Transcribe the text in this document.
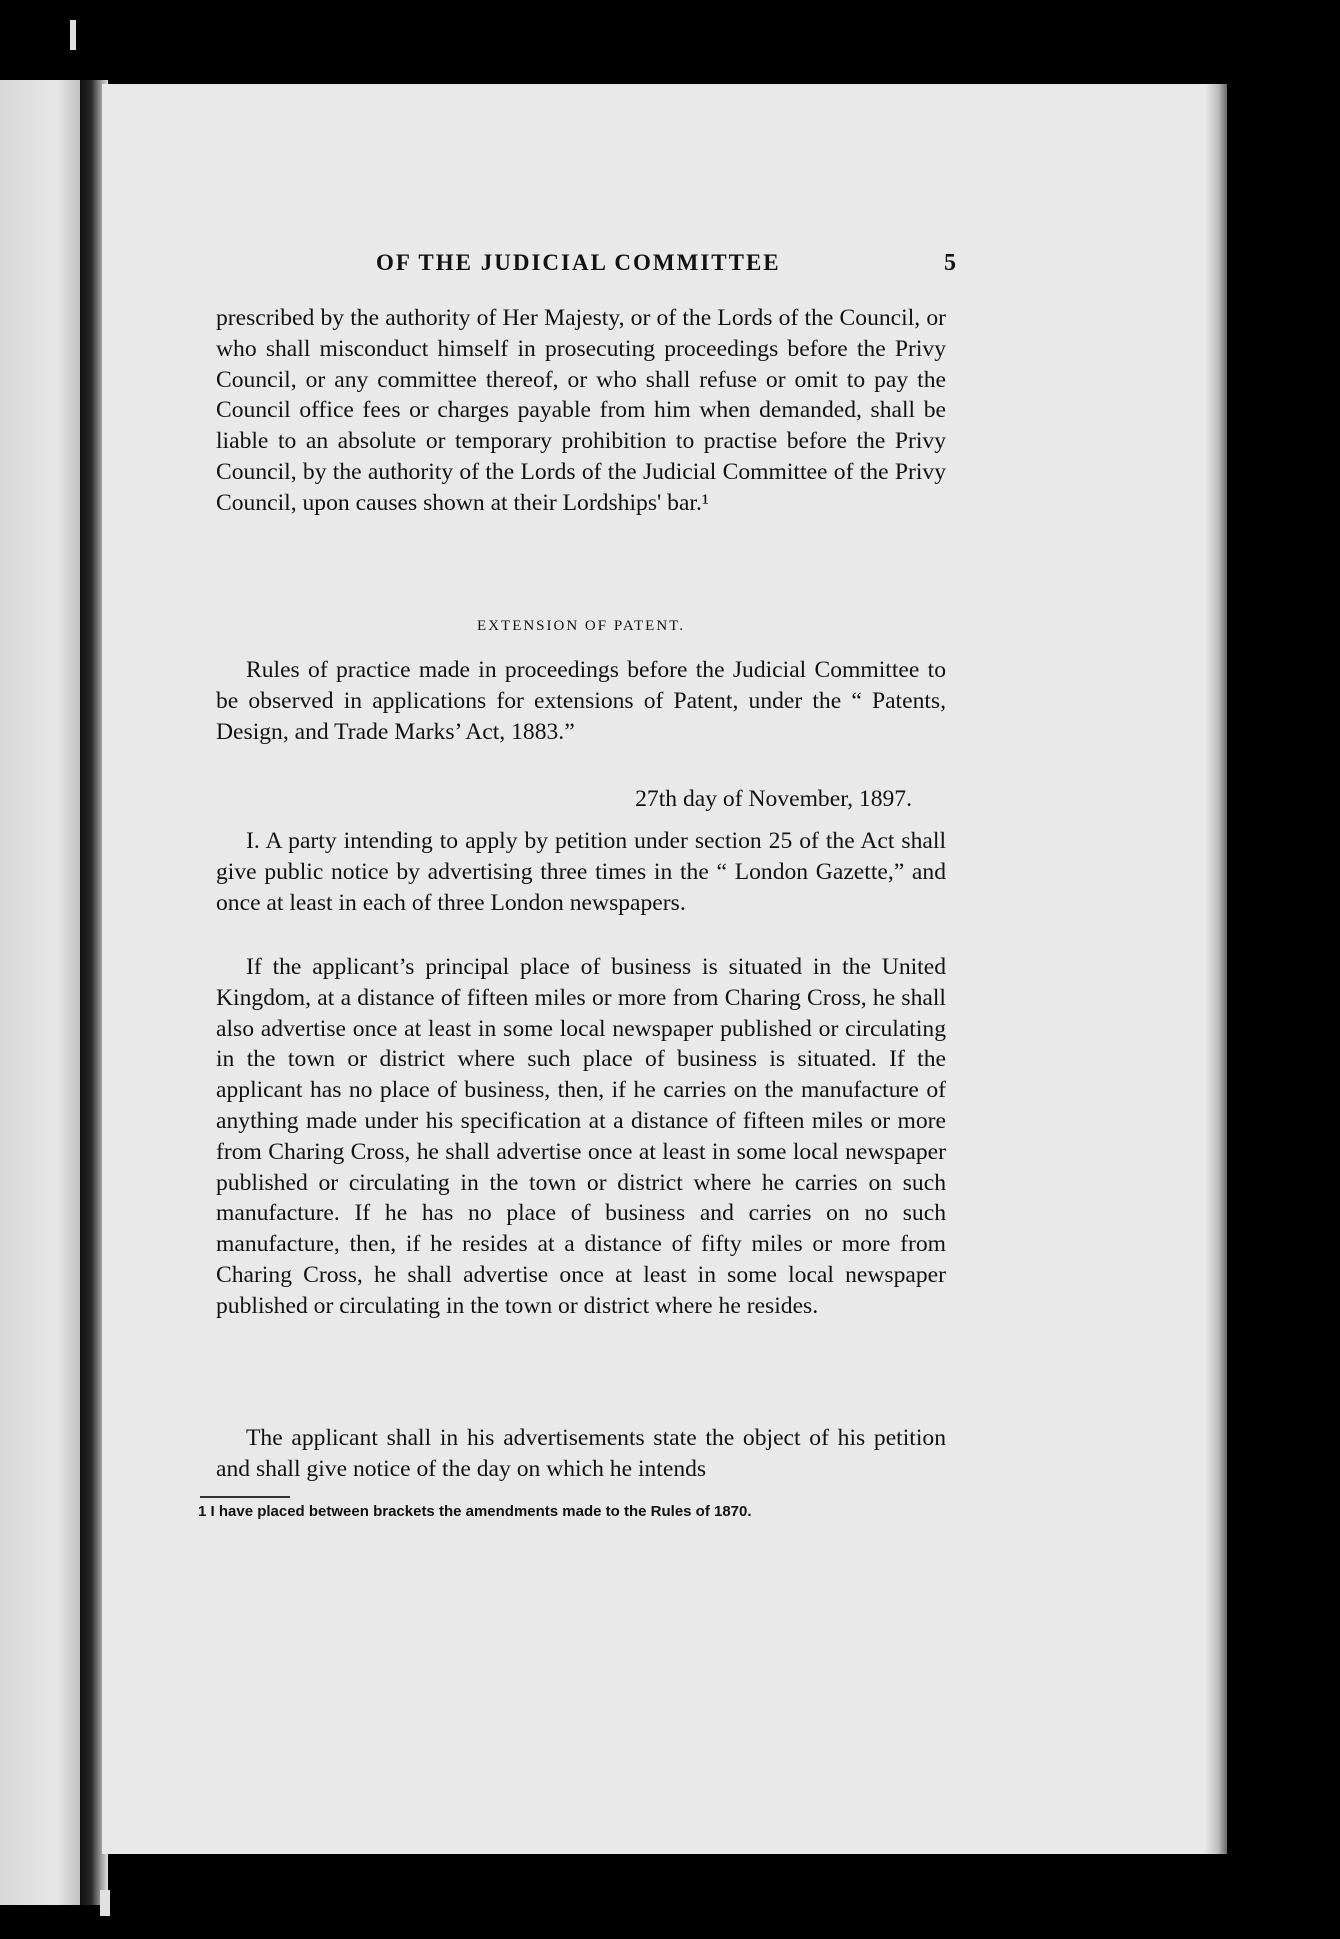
OF THE JUDICIAL COMMITTEE	5

prescribed by the authority of Her Majesty, or of the Lords of the Council, or who shall misconduct himself in prosecuting proceedings before the Privy Council, or any committee thereof, or who shall refuse or omit to pay the Council office fees or charges payable from him when demanded, shall be liable to an absolute or temporary prohibition to practise before the Privy Council, by the authority of the Lords of the Judicial Committee of the Privy Council, upon causes shown at their Lordships' bar.¹

EXTENSION OF PATENT.

Rules of practice made in proceedings before the Judicial Committee to be observed in applications for extensions of Patent, under the “ Patents, Design, and Trade Marks’ Act, 1883.”

27th day of November, 1897.

I. A party intending to apply by petition under section 25 of the Act shall give public notice by advertising three times in the “ London Gazette,” and once at least in each of three London newspapers.

If the applicant’s principal place of business is situated in the United Kingdom, at a distance of fifteen miles or more from Charing Cross, he shall also advertise once at least in some local newspaper published or circulating in the town or district where such place of business is situated. If the applicant has no place of business, then, if he carries on the manufacture of anything made under his specification at a distance of fifteen miles or more from Charing Cross, he shall advertise once at least in some local newspaper published or circulating in the town or district where he carries on such manufacture. If he has no place of business and carries on no such manufacture, then, if he resides at a distance of fifty miles or more from Charing Cross, he shall advertise once at least in some local newspaper published or circulating in the town or district where he resides.

The applicant shall in his advertisements state the object of his petition and shall give notice of the day on which he intends

1 I have placed between brackets the amendments made to the Rules of 1870.
